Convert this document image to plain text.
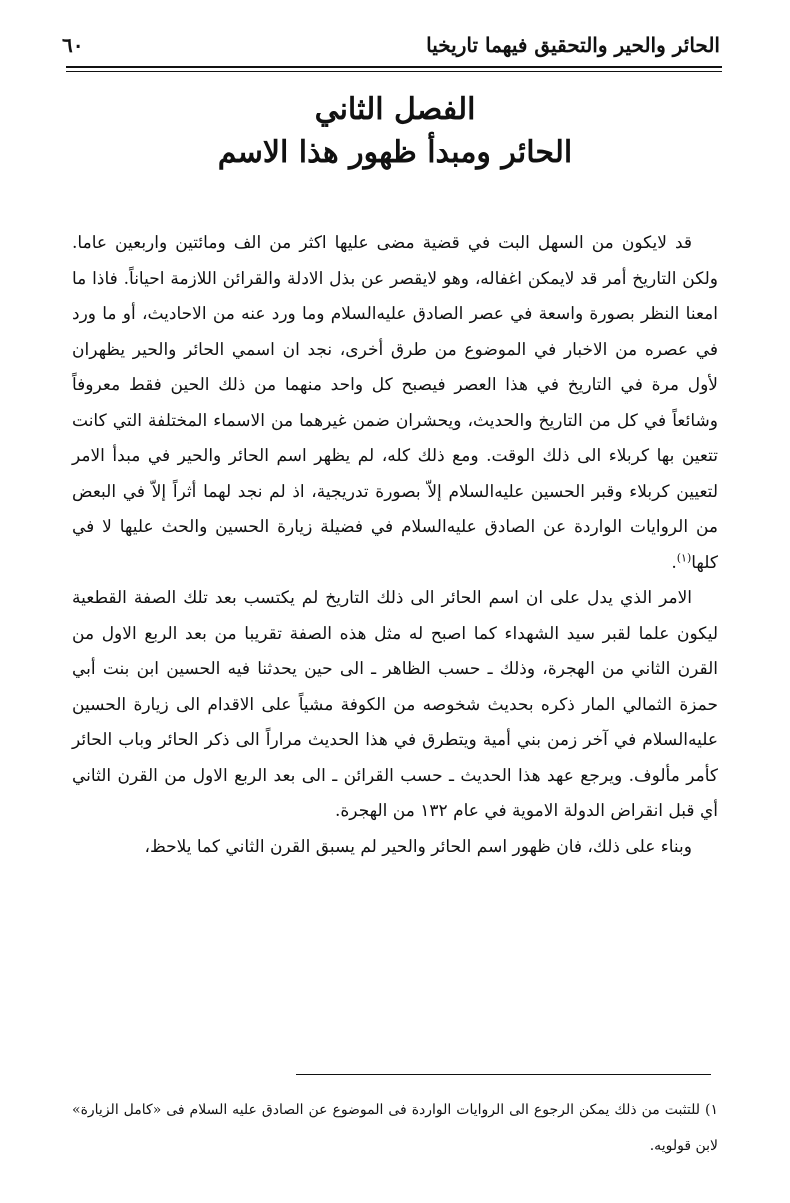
الحائر والحير والتحقيق فيهما تاريخيا
٦٠
الفصل الثاني
الحائر ومبدأ ظهور هذا الاسم

قد لايكون من السهل البت في قضية مضى عليها اكثر من الف ومائتين واربعين عاما. ولكن التاريخ أمر قد لايمكن اغفاله، وهو لايقصر عن بذل الادلة والقرائن اللازمة احياناً. فاذا ما امعنا النظر بصورة واسعة في عصر الصادق عليه‌السلام وما ورد عنه من الاحاديث، أو ما ورد في عصره من الاخبار في الموضوع من طرق أخرى، نجد ان اسمي الحائر والحير يظهران لأول مرة في التاريخ في هذا العصر فيصبح كل واحد منهما من ذلك الحين فقط معروفاً وشائعاً في كل من التاريخ والحديث، ويحشران ضمن غيرهما من الاسماء المختلفة التي كانت تتعين بها كربلاء الى ذلك الوقت. ومع ذلك كله، لم يظهر اسم الحائر والحير في مبدأ الامر لتعيين كربلاء وقبر الحسين عليه‌السلام إلاّ بصورة تدريجية، اذ لم نجد لهما أثراً إلاّ في البعض من الروايات الواردة عن الصادق عليه‌السلام في فضيلة زيارة الحسين والحث عليها لا في كلها$^{(١)}$.

الامر الذي يدل على ان اسم الحائر الى ذلك التاريخ لم يكتسب بعد تلك الصفة القطعية ليكون علما لقبر سيد الشهداء كما اصبح له مثل هذه الصفة تقريبا من بعد الربع الاول من القرن الثاني من الهجرة، وذلك ـ حسب الظاهر ـ الى حين يحدثنا فيه الحسين ابن بنت أبي حمزة الثمالي المار ذكره بحديث شخوصه من الكوفة مشياً على الاقدام الى زيارة الحسين عليه‌السلام في آخر زمن بني أمية ويتطرق في هذا الحديث مراراً الى ذكر الحائر وباب الحائر كأمر مألوف. ويرجع عهد هذا الحديث ـ حسب القرائن ـ الى بعد الربع الاول من القرن الثاني أي قبل انقراض الدولة الاموية في عام ١٣٢ من الهجرة.

وبناء على ذلك، فان ظهور اسم الحائر والحير لم يسبق القرن الثاني كما يلاحظ،

١) للتثبت من ذلك يمكن الرجوع الى الروايات الواردة فى الموضوع عن الصادق عليه السلام فى «كامل الزيارة» لابن قولويه.
